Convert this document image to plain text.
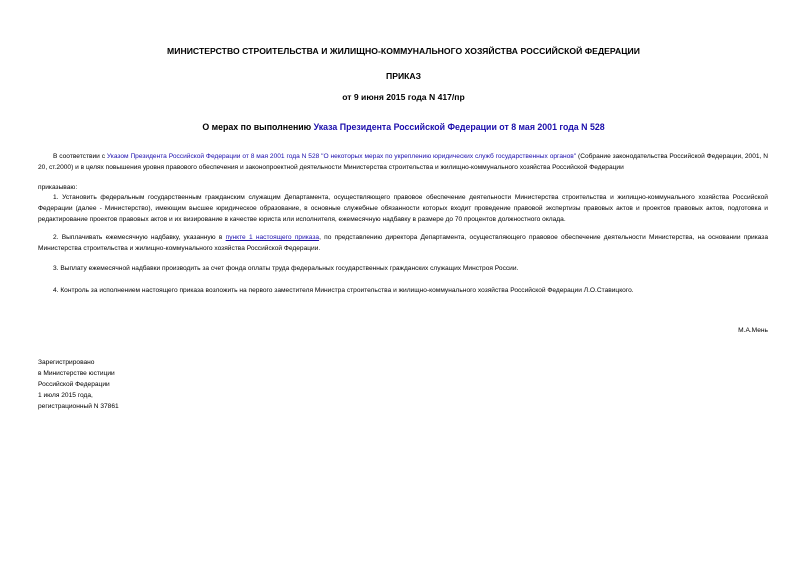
МИНИСТЕРСТВО СТРОИТЕЛЬСТВА И ЖИЛИЩНО-КОММУНАЛЬНОГО ХОЗЯЙСТВА РОССИЙСКОЙ ФЕДЕРАЦИИ
ПРИКАЗ
от 9 июня 2015 года N 417/пр
О мерах по выполнению Указа Президента Российской Федерации от 8 мая 2001 года N 528
В соответствии с Указом Президента Российской Федерации от 8 мая 2001 года N 528 "О некоторых мерах по укреплению юридических служб государственных органов" (Собрание законодательства Российской Федерации, 2001, N 20, ст.2000) и в целях повышения уровня правового обеспечения и законопроектной деятельности Министерства строительства и жилищно-коммунального хозяйства Российской Федерации
приказываю:
1. Установить федеральным государственным гражданским служащим Департамента, осуществляющего правовое обеспечение деятельности Министерства строительства и жилищно-коммунального хозяйства Российской Федерации (далее - Министерство), имеющим высшее юридическое образование, в основные служебные обязанности которых входит проведение правовой экспертизы правовых актов и проектов правовых актов, подготовка и редактирование проектов правовых актов и их визирование в качестве юриста или исполнителя, ежемесячную надбавку в размере до 70 процентов должностного оклада.
2. Выплачивать ежемесячную надбавку, указанную в пункте 1 настоящего приказа, по представлению директора Департамента, осуществляющего правовое обеспечение деятельности Министерства, на основании приказа Министерства строительства и жилищно-коммунального хозяйства Российской Федерации.
3. Выплату ежемесячной надбавки производить за счет фонда оплаты труда федеральных государственных гражданских служащих Минстроя России.
4. Контроль за исполнением настоящего приказа возложить на первого заместителя Министра строительства и жилищно-коммунального хозяйства Российской Федерации Л.О.Ставицкого.
М.А.Мень
Зарегистрировано
в Министерстве юстиции
Российской Федерации
1 июля 2015 года,
регистрационный N 37861
